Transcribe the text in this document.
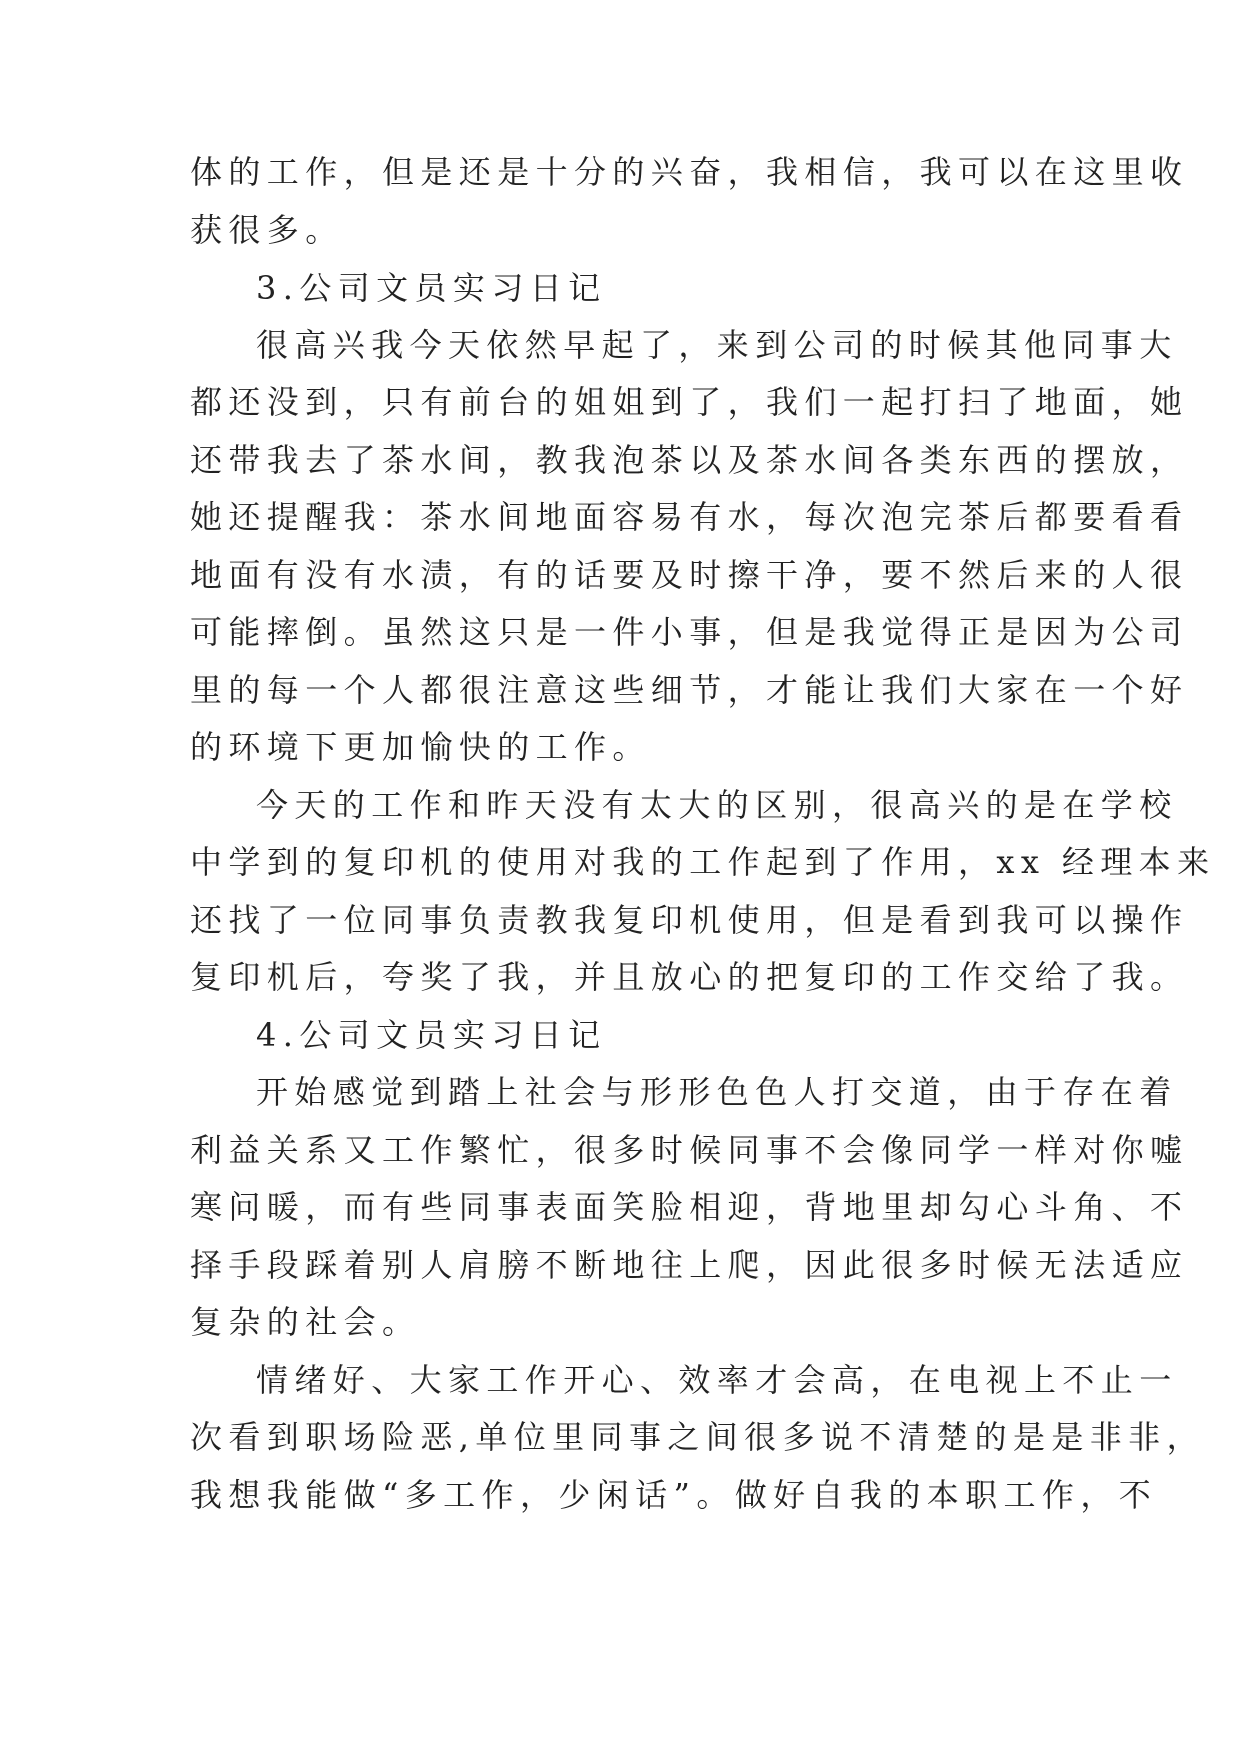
体的工作，但是还是十分的兴奋，我相信，我可以在这里收
获很多。
3.公司文员实习日记
很高兴我今天依然早起了，来到公司的时候其他同事大
都还没到，只有前台的姐姐到了，我们一起打扫了地面，她
还带我去了茶水间，教我泡茶以及茶水间各类东西的摆放，
她还提醒我：茶水间地面容易有水，每次泡完茶后都要看看
地面有没有水渍，有的话要及时擦干净，要不然后来的人很
可能摔倒。虽然这只是一件小事，但是我觉得正是因为公司
里的每一个人都很注意这些细节，才能让我们大家在一个好
的环境下更加愉快的工作。
今天的工作和昨天没有太大的区别，很高兴的是在学校
中学到的复印机的使用对我的工作起到了作用，xx 经理本来
还找了一位同事负责教我复印机使用，但是看到我可以操作
复印机后，夸奖了我，并且放心的把复印的工作交给了我。
4.公司文员实习日记
开始感觉到踏上社会与形形色色人打交道，由于存在着
利益关系又工作繁忙，很多时候同事不会像同学一样对你嘘
寒问暖，而有些同事表面笑脸相迎，背地里却勾心斗角、不
择手段踩着别人肩膀不断地往上爬，因此很多时候无法适应
复杂的社会。
情绪好、大家工作开心、效率才会高，在电视上不止一
次看到职场险恶,单位里同事之间很多说不清楚的是是非非，
我想我能做“多工作，少闲话”。做好自我的本职工作，不
